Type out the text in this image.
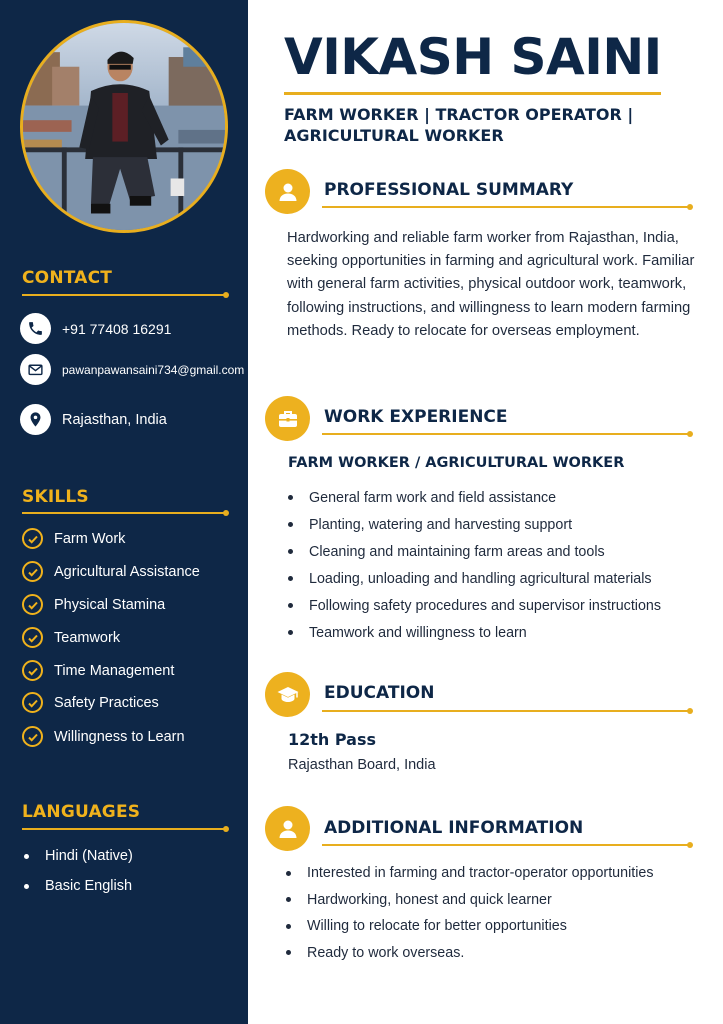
CONTACT
+91 77408 16291
pawanpawansaini734@gmail.com
Rajasthan, India
SKILLS
Farm Work
Agricultural Assistance
Physical Stamina
Teamwork
Time Management
Safety Practices
Willingness to Learn
LANGUAGES
Hindi (Native)
Basic English
VIKASH SAINI
FARM WORKER | TRACTOR OPERATOR | AGRICULTURAL WORKER
PROFESSIONAL SUMMARY

Hardworking and reliable farm worker from Rajasthan, India, seeking opportunities in farming and agricultural work. Familiar with general farm activities, physical outdoor work, teamwork, following instructions, and willingness to learn modern farming methods. Ready to relocate for overseas employment.

WORK EXPERIENCE
FARM WORKER / AGRICULTURAL WORKER
General farm work and field assistance
Planting, watering and harvesting support
Cleaning and maintaining farm areas and tools
Loading, unloading and handling agricultural materials
Following safety procedures and supervisor instructions
Teamwork and willingness to learn
EDUCATION
12th Pass
Rajasthan Board, India
ADDITIONAL INFORMATION
Interested in farming and tractor-operator opportunities
Hardworking, honest and quick learner
Willing to relocate for better opportunities
Ready to work overseas.
